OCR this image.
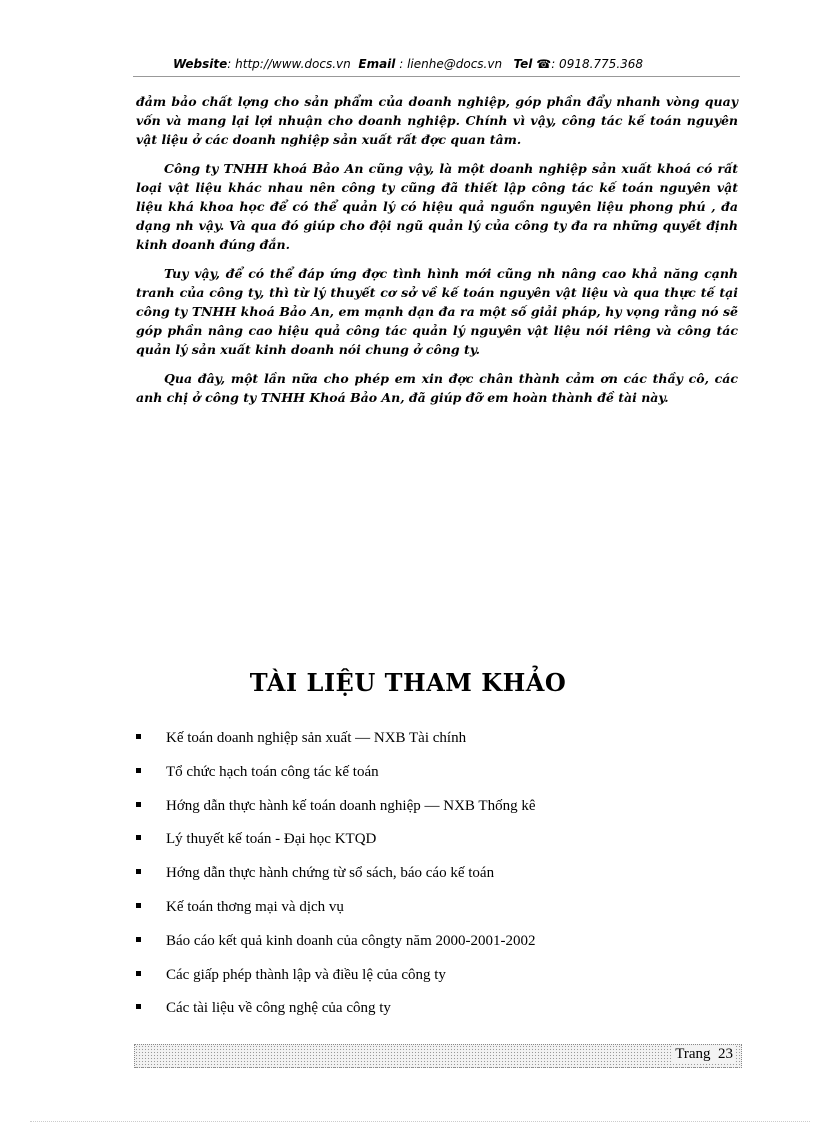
Website: http://www.docs.vn Email : lienhe@docs.vn Tel ☎: 0918.775.368

đảm bảo chất lợng cho sản phẩm của doanh nghiệp, góp phần đẩy nhanh vòng quay vốn và mang lại lợi nhuận cho doanh nghiệp. Chính vì vậy, công tác kế toán nguyên vật liệu ở các doanh nghiệp sản xuất rất đợc quan tâm.

Công ty TNHH khoá Bảo An cũng vậy, là một doanh nghiệp sản xuất khoá có rất loại vật liệu khác nhau nên công ty cũng đã thiết lập công tác kế toán nguyên vật liệu khá khoa học để có thể quản lý có hiệu quả nguồn nguyên liệu phong phú , đa dạng nh vậy. Và qua đó giúp cho đội ngũ quản lý của công ty đa ra những quyết định kinh doanh đúng đắn.

Tuy vậy, để có thể đáp ứng đợc tình hình mới cũng nh nâng cao khả năng cạnh tranh của công ty, thì từ lý thuyết cơ sở về kế toán nguyên vật liệu và qua thực tế tại công ty TNHH khoá Bảo An, em mạnh dạn đa ra một số giải pháp, hy vọng rằng nó sẽ góp phần nâng cao hiệu quả công tác quản lý nguyên vật liệu nói riêng và công tác quản lý sản xuất kinh doanh nói chung ở công ty.

Qua đây, một lần nữa cho phép em xin đợc chân thành cảm ơn các thầy cô, các anh chị ở công ty TNHH Khoá Bảo An, đã giúp đỡ em hoàn thành đề tài này.

TÀI LIỆU THAM KHẢO
Kế toán doanh nghiệp sản xuất — NXB Tài chính
Tổ chức hạch toán công tác kế toán
Hớng dẫn thực hành kế toán doanh nghiệp — NXB Thống kê
Lý thuyết kế toán - Đại học KTQD
Hớng dẫn thực hành chứng từ sổ sách, báo cáo kế toán
Kế toán thơng mại và dịch vụ
Báo cáo kết quả kinh doanh của côngty năm 2000-2001-2002
Các giấp phép thành lập và điều lệ của công ty
Các tài liệu về công nghệ của công ty
Trang 23
